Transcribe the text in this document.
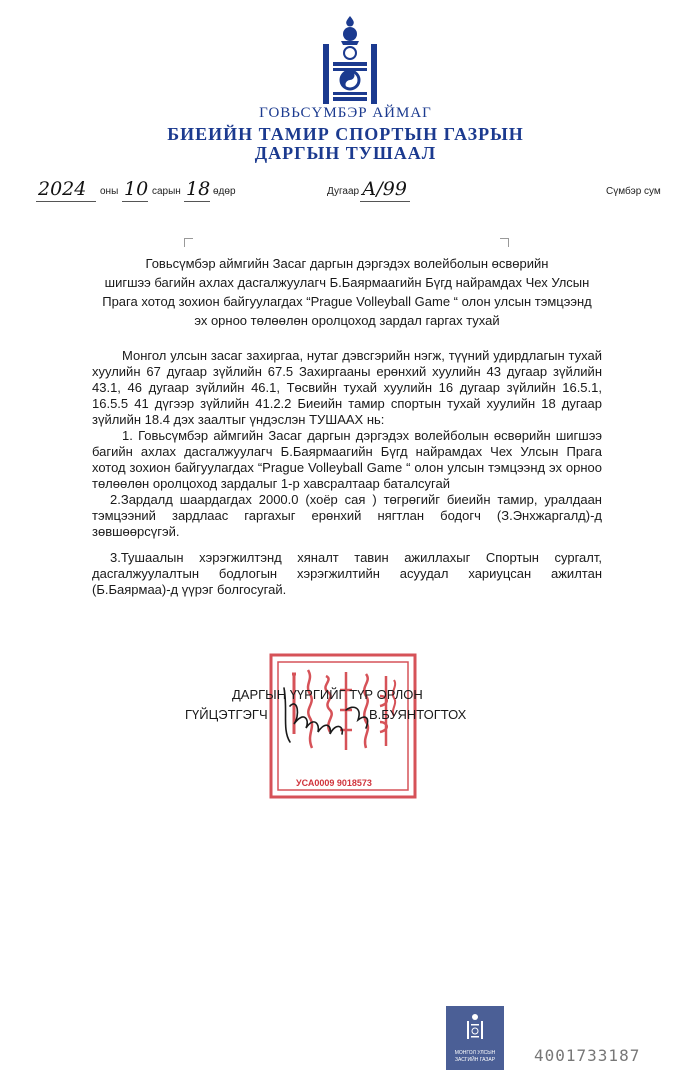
ГОВЬСҮМБЭР АЙМАГ
БИЕИЙН ТАМИР СПОРТЫН ГАЗРЫН
ДАРГЫН ТУШААЛ
2024 оны 10 сарын 18 өдөр	Дугаар А/99	Сүмбэр сум
Говьсүмбэр аймгийн Засаг даргын дэргэдэх волейболын өсвөрийн
шигшээ багийн ахлах дасгалжуулагч Б.Баярмаагийн Бүгд найрамдах Чех Улсын
Прага хотод зохион байгуулагдах “Prague Volleyball Game “ олон улсын тэмцээнд
эх орноо төлөөлөн оролцоход зардал гаргах тухай

Монгол улсын засаг захиргаа, нутаг дэвсгэрийн нэгж, түүний удирдлагын тухай хуулийн 67 дугаар зүйлийн 67.5 Захиргааны ерөнхий хуулийн 43 дугаар зүйлийн 43.1, 46 дугаар зүйлийн 46.1, Төсвийн тухай хуулийн 16 дугаар зүйлийн 16.5.1, 16.5.5 41 дүгээр зүйлийн 41.2.2 Биеийн тамир спортын тухай хуулийн 18 дугаар зүйлийн 18.4 дэх заалтыг үндэслэн ТУШААХ нь:

1. Говьсүмбэр аймгийн Засаг даргын дэргэдэх волейболын өсвөрийн шигшээ багийн ахлах дасгалжуулагч Б.Баярмаагийн Бүгд найрамдах Чех Улсын Прага хотод зохион байгуулагдах “Prague Volleyball Game “ олон улсын тэмцээнд эх орноо төлөөлөн оролцоход зардалыг 1-р хавсралтаар баталсугай

2.Зардалд шаардагдах 2000.0 (хоёр сая ) төгрөгийг биеийн тамир, уралдаан тэмцээний зардлаас гаргахыг ерөнхий нягтлан бодогч (З.Энхжаргалд)-д зөвшөөрсүгэй.

3.Тушаалын хэрэгжилтэнд хяналт тавин ажиллахыг Спортын сургалт, дасгалжуулалтын бодлогын хэрэгжилтийн асуудал хариуцсан ажилтан (Б.Баярмаа)-д үүрэг болгосугай.

УСА0009 9018573
ДАРГЫН ҮҮРГИЙГ ТҮР ОРЛОН
ГҮЙЦЭТГЭГЧ	В.БУЯНТОГТОХ
МОНГОЛ УЛСЫН
ЗАСГИЙН ГАЗАР	4001733187
